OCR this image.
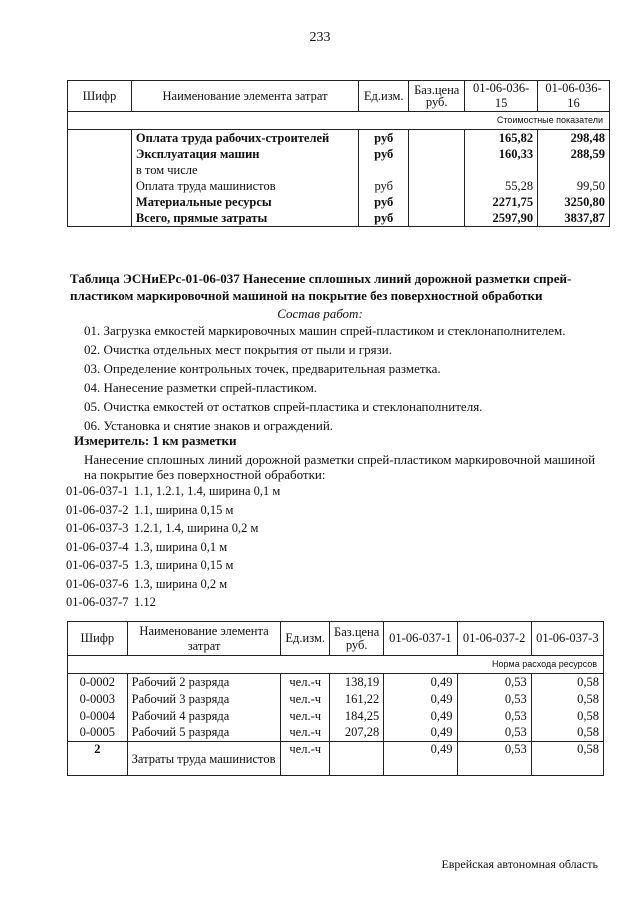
233
Шифр	Наименование элемента затрат	Ед.изм.	Баз.цена руб.	01-06-036-15	01-06-036-16
Стоимостные показатели					
	Оплата труда рабочих-строителей	руб		165,82	298,48
	Эксплуатация машин	руб		160,33	288,59
	в том числе				
	Оплата труда машинистов	руб		55,28	99,50
	Материальные ресурсы	руб		2271,75	3250,80
	Всего, прямые затраты	руб		2597,90	3837,87
Таблица ЭСНиЕРс-01-06-037 Нанесение сплошных линий дорожной разметки спрей-пластиком маркировочной машиной на покрытие без поверхностной обработки
Состав работ:
01. Загрузка емкостей маркировочных машин спрей-пластиком и стеклонаполнителем.
02. Очистка отдельных мест покрытия от пыли и грязи.
03. Определение контрольных точек, предварительная разметка.
04. Нанесение разметки спрей-пластиком.
05. Очистка емкостей от остатков спрей-пластика и стеклонаполнителя.
06. Установка и снятие знаков и ограждений.
Измеритель: 1 км разметки
Нанесение сплошных линий дорожной разметки спрей-пластиком маркировочной машиной на покрытие без поверхностной обработки:
01-06-037-1 1.1, 1.2.1, 1.4, ширина 0,1 м
01-06-037-2 1.1, ширина 0,15 м
01-06-037-3 1.2.1, 1.4, ширина 0,2 м
01-06-037-4 1.3, ширина 0,1 м
01-06-037-5 1.3, ширина 0,15 м
01-06-037-6 1.3, ширина 0,2 м
01-06-037-7 1.12
Шифр	Наименование элемента затрат	Ед.изм.	Баз.цена руб.	01-06-037-1	01-06-037-2	01-06-037-3
Норма расхода ресурсов						
0-0002	Рабочий 2 разряда	чел.-ч	138,19	0,49	0,53	0,58
0-0003	Рабочий 3 разряда	чел.-ч	161,22	0,49	0,53	0,58
0-0004	Рабочий 4 разряда	чел.-ч	184,25	0,49	0,53	0,58
0-0005	Рабочий 5 разряда	чел.-ч	207,28	0,49	0,53	0,58
2	Затраты труда машинистов	чел.-ч		0,49	0,53	0,58
Еврейская автономная область
